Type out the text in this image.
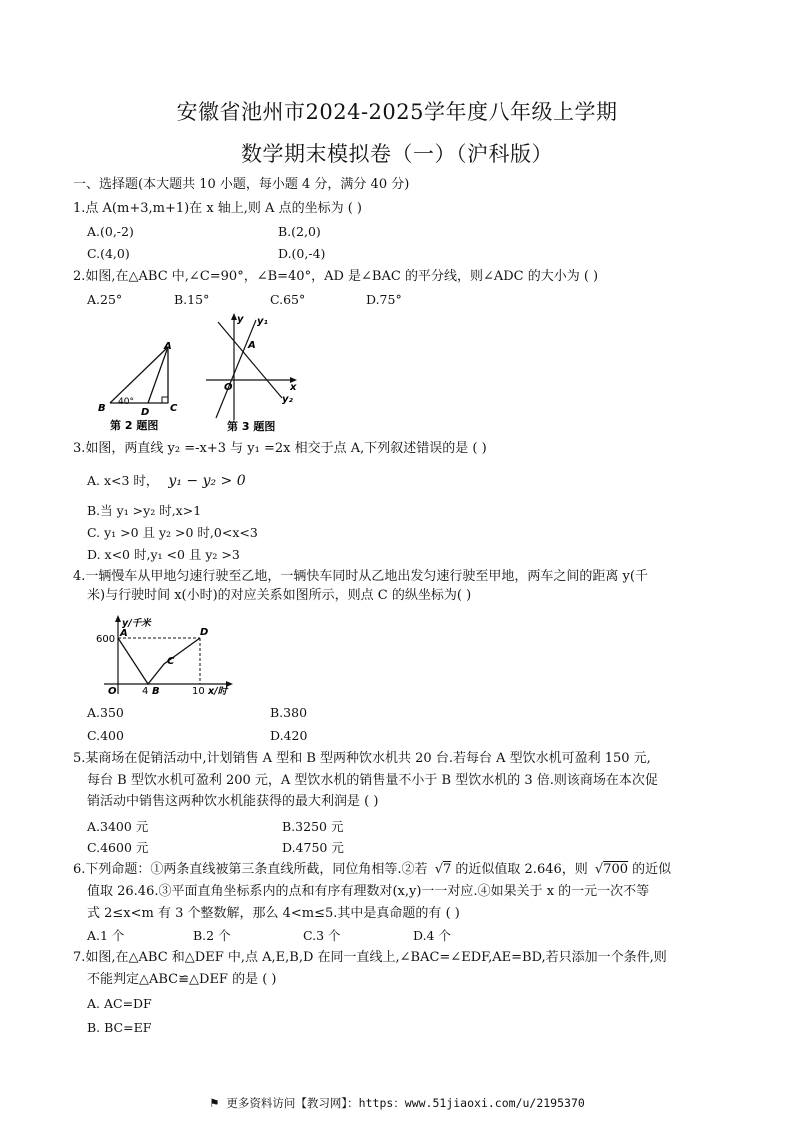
安徽省池州市2024-2025学年度八年级上学期
数学期末模拟卷（一）（沪科版）
一、选择题(本大题共 10 小题，每小题 4 分，满分 40 分)
1.点 A(m+3,m+1)在 x 轴上,则 A 点的坐标为 ( )
A.(0,-2)	B.(2,0)
C.(4,0)	D.(0,-4)
2.如图,在△ABC 中,∠C=90°，∠B=40°，AD 是∠BAC 的平分线，则∠ADC 的大小为 ( )
A.25°	B.15°	C.65°	D.75°
A
B	C
D
40°
第 2 题图
y y₁
A
O	x
y₂
第 3 题图
3.如图，两直线 y₂ =-x+3 与 y₁ =2x 相交于点 A,下列叙述错误的是 ( )
A. x<3 时， y₁ − y₂ > 0
B.当 y₁ >y₂ 时,x>1
C. y₁ >0 且 y₂ >0 时,0<x<3
D. x<0 时,y₁ <0 且 y₂ >3
4.一辆慢车从甲地匀速行驶至乙地，一辆快车同时从乙地出发匀速行驶至甲地，两车之间的距离 y(千
米)与行驶时间 x(小时)的对应关系如图所示，则点 C 的纵坐标为( )
y/千米
600
A	D
C
O	4 B	10 x/时
A.350	B.380
C.400	D.420
5.某商场在促销活动中,计划销售 A 型和 B 型两种饮水机共 20 台.若每台 A 型饮水机可盈利 150 元,
每台 B 型饮水机可盈利 200 元，A 型饮水机的销售量不小于 B 型饮水机的 3 倍.则该商场在本次促
销活动中销售这两种饮水机能获得的最大利润是 ( )
A.3400 元	B.3250 元
C.4600 元	D.4750 元
6.下列命题：①两条直线被第三条直线所截，同位角相等.②若 √7 的近似值取 2.646，则 √700 的近似
值取 26.46.③平面直角坐标系内的点和有序有理数对(x,y)一一对应.④如果关于 x 的一元一次不等
式 2≤x<m 有 3 个整数解，那么 4<m≤5.其中是真命题的有 ( )
A.1 个	B.2 个	C.3 个	D.4 个
7.如图,在△ABC 和△DEF 中,点 A,E,B,D 在同一直线上,∠BAC=∠EDF,AE=BD,若只添加一个条件,则
不能判定△ABC≌△DEF 的是 ( )
A. AC=DF
B. BC=EF
⚑ 更多资料访问【教习网】：https：www.51jiaoxi.com/u/2195370
